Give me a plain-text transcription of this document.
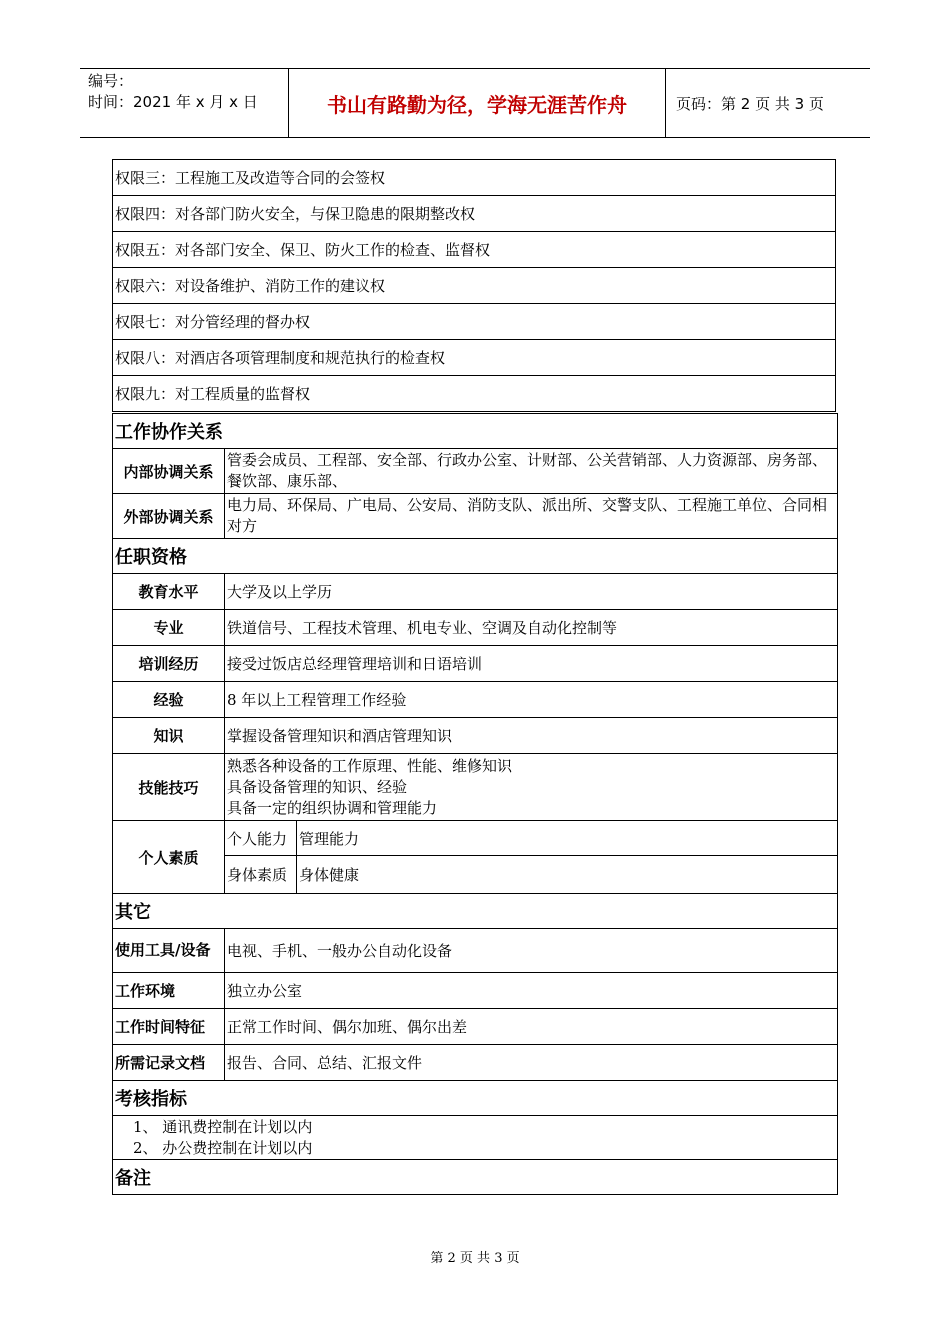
编号：
时间：2021 年 x 月 x 日	书山有路勤为径，学海无涯苦作舟	页码：第 2 页 共 3 页
权限三：工程施工及改造等合同的会签权
权限四：对各部门防火安全，与保卫隐患的限期整改权
权限五：对各部门安全、保卫、防火工作的检查、监督权
权限六：对设备维护、消防工作的建议权
权限七：对分管经理的督办权
权限八：对酒店各项管理制度和规范执行的检查权
权限九：对工程质量的监督权
工作协作关系		
内部协调关系	管委会成员、工程部、安全部、行政办公室、计财部、公关营销部、人力资源部、房务部、餐饮部、康乐部、	
外部协调关系	电力局、环保局、广电局、公安局、消防支队、派出所、交警支队、工程施工单位、合同相对方	
任职资格		
教育水平	大学及以上学历	
专业	铁道信号、工程技术管理、机电专业、空调及自动化控制等	
培训经历	接受过饭店总经理管理培训和日语培训	
经验	8 年以上工程管理工作经验	
知识	掌握设备管理知识和酒店管理知识	
技能技巧	熟悉各种设备的工作原理、性能、维修知识
具备设备管理的知识、经验
具备一定的组织协调和管理能力	

个人素质	个人能力	管理能力
	身体素质	身体健康
其它		
使用工具/设备	电视、手机、一般办公自动化设备	
工作环境	独立办公室	
工作时间特征	正常工作时间、偶尔加班、偶尔出差	
所需记录文档	报告、合同、总结、汇报文件	
考核指标		

1、 通讯费控制在计划以内
2、 办公费控制在计划以内		

备注		
第 2 页 共 3 页
